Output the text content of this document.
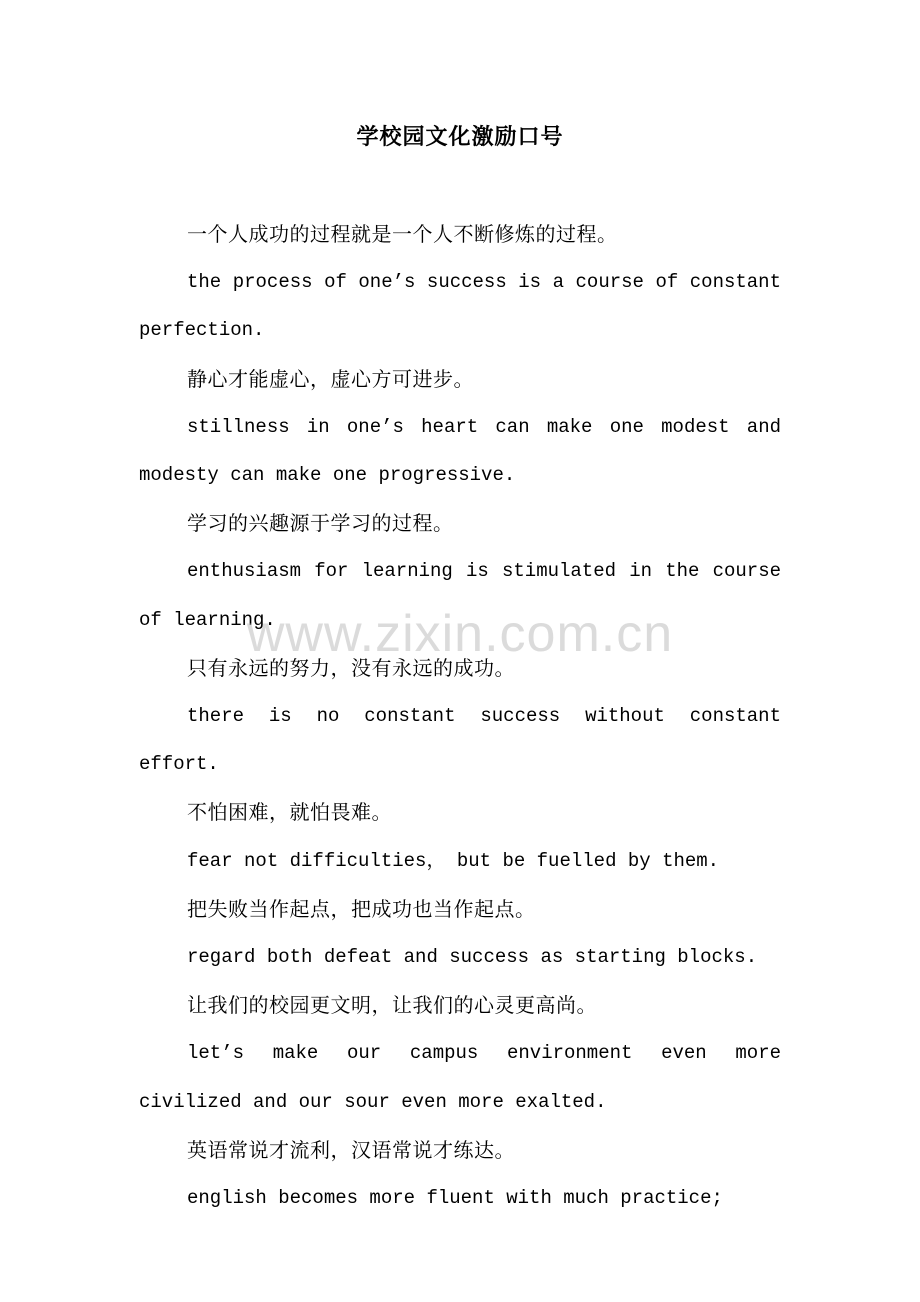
学校园文化激励口号

一个人成功的过程就是一个人不断修炼的过程。

the process of one’s success is a course of constant perfection.

静心才能虚心，虚心方可进步。

stillness in one’s heart can make one modest and modesty can make one progressive.

学习的兴趣源于学习的过程。

enthusiasm for learning is stimulated in the course of learning.

只有永远的努力，没有永远的成功。

there is no constant success without constant effort.

不怕困难，就怕畏难。

fear not difficulties， but be fuelled by them.

把失败当作起点，把成功也当作起点。

regard both defeat and success as starting blocks.

让我们的校园更文明，让我们的心灵更高尚。

let’s make our campus environment even more civilized and our sour even more exalted.

英语常说才流利，汉语常说才练达。

english becomes more fluent with much practice;

www.zixin.com.cn
